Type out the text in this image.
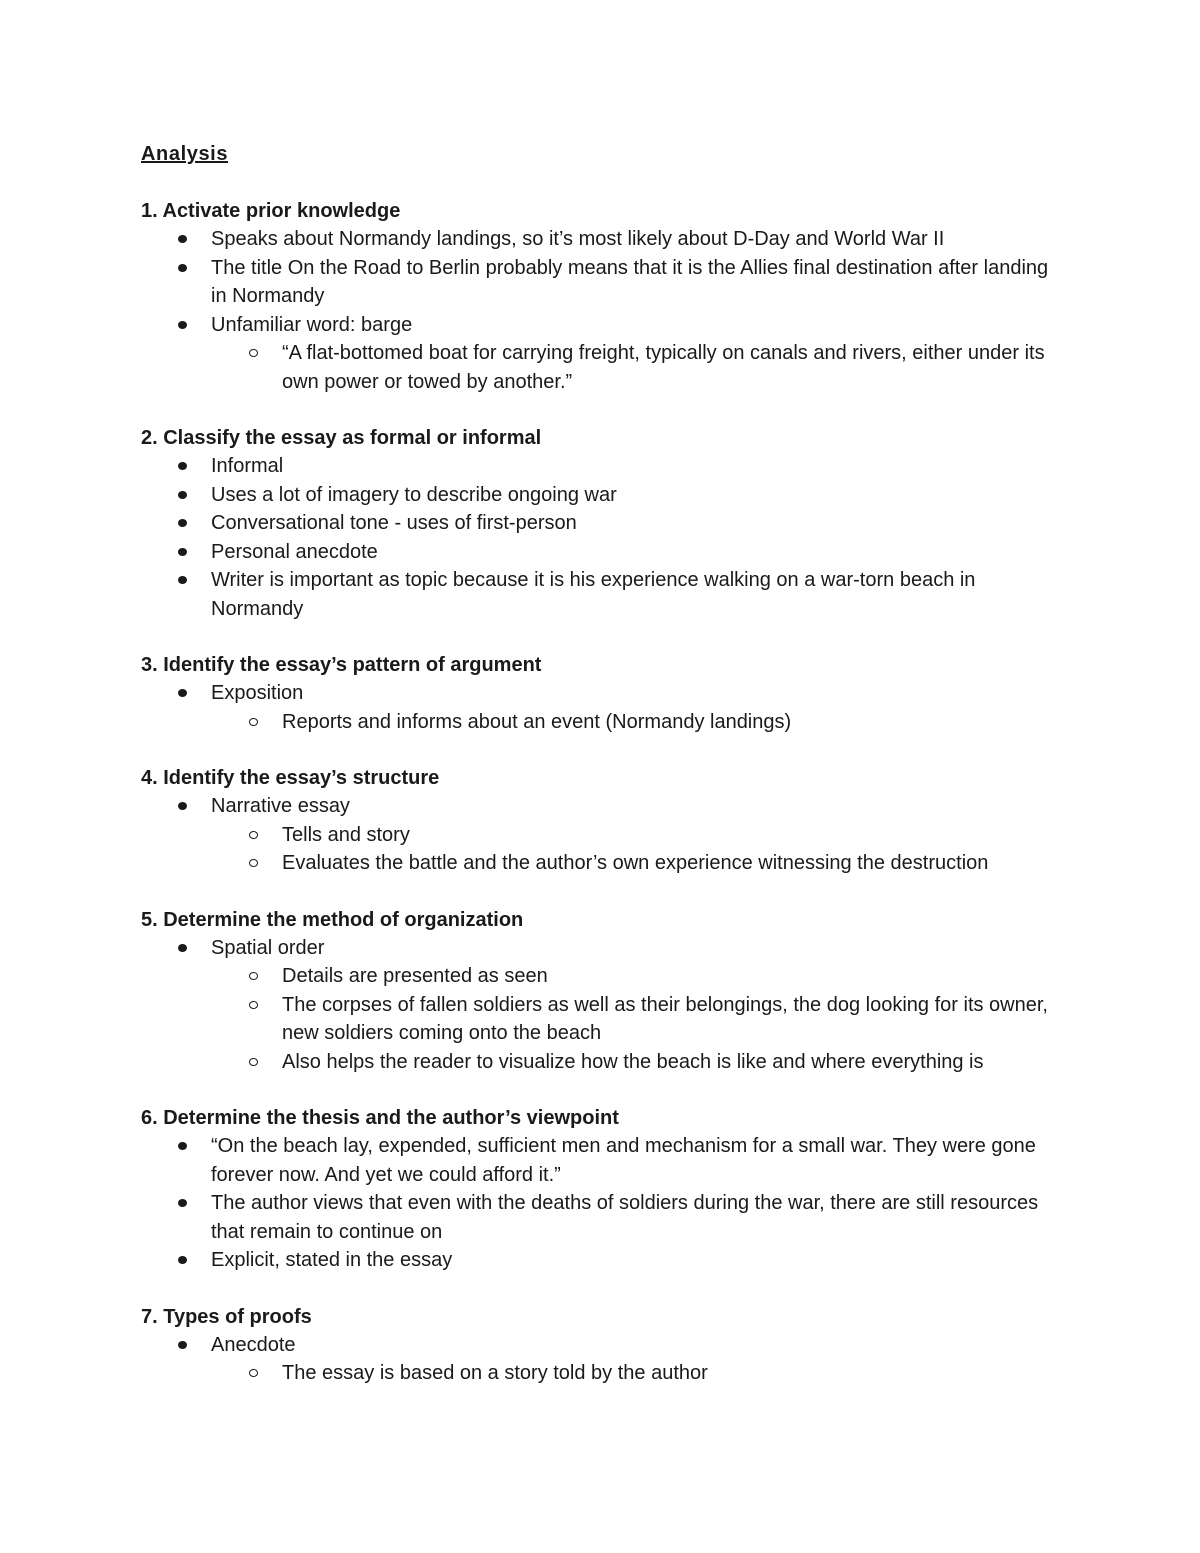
Analysis
1. Activate prior knowledge
Speaks about Normandy landings, so it’s most likely about D-Day and World War II
The title On the Road to Berlin probably means that it is the Allies final destination after landing in Normandy
Unfamiliar word: barge
“A flat-bottomed boat for carrying freight, typically on canals and rivers, either under its own power or towed by another.”
2. Classify the essay as formal or informal
Informal
Uses a lot of imagery to describe ongoing war
Conversational tone - uses of first-person
Personal anecdote
Writer is important as topic because it is his experience walking on a war-torn beach in Normandy
3. Identify the essay’s pattern of argument
Exposition
Reports and informs about an event (Normandy landings)
4. Identify the essay’s structure
Narrative essay
Tells and story
Evaluates the battle and the author’s own experience witnessing the destruction
5. Determine the method of organization
Spatial order
Details are presented as seen
The corpses of fallen soldiers as well as their belongings, the dog looking for its owner, new soldiers coming onto the beach
Also helps the reader to visualize how the beach is like and where everything is
6. Determine the thesis and the author’s viewpoint
“On the beach lay, expended, sufficient men and mechanism for a small war. They were gone forever now. And yet we could afford it.”
The author views that even with the deaths of soldiers during the war, there are still resources that remain to continue on
Explicit, stated in the essay
7. Types of proofs
Anecdote
The essay is based on a story told by the author
